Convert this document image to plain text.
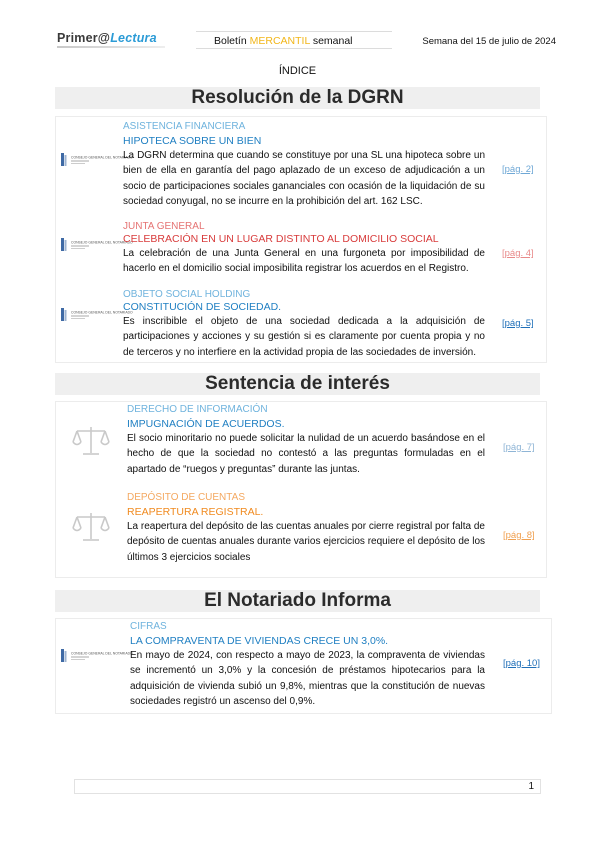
Primer@Lectura	Boletín MERCANTIL semanal	Semana del 15 de julio de 2024
ÍNDICE
Resolución de la DGRN
CONSEJO GENERAL DEL NOTARIADO
ASISTENCIA FINANCIERA
HIPOTECA SOBRE UN BIEN
La DGRN determina que cuando se constituye por una SL una hipoteca sobre un bien de ella en garantía del pago aplazado de un exceso de adjudicación a un socio de participaciones sociales gananciales con ocasión de la liquidación de su sociedad conyugal, no se incurre en la prohibición del art. 162 LSC.
[pág. 2]
CONSEJO GENERAL DEL NOTARIADO
JUNTA GENERAL
CELEBRACIÓN EN UN LUGAR DISTINTO AL DOMICILIO SOCIAL
La celebración de una Junta General en una furgoneta por imposibilidad de hacerlo en el domicilio social imposibilita registrar los acuerdos en el Registro.
[pág. 4]
CONSEJO GENERAL DEL NOTARIADO
OBJETO SOCIAL HOLDING
CONSTITUCIÓN DE SOCIEDAD.
Es inscribible el objeto de una sociedad dedicada a la adquisición de participaciones y acciones y su gestión si es claramente por cuenta propia y no de terceros y no interfiere en la actividad propia de las sociedades de inversión.
[pág. 5]
Sentencia de interés
DERECHO DE INFORMACIÓN
IMPUGNACIÓN DE ACUERDOS.
El socio minoritario no puede solicitar la nulidad de un acuerdo basándose en el hecho de que la sociedad no contestó a las preguntas formuladas en el apartado de “ruegos y preguntas” durante las juntas.
[pág. 7]
DEPÓSITO DE CUENTAS
REAPERTURA REGISTRAL.
La reapertura del depósito de las cuentas anuales por cierre registral por falta de depósito de cuentas anuales durante varios ejercicios requiere el depósito de los últimos 3 ejercicios sociales
[pág. 8]
El Notariado Informa
CONSEJO GENERAL DEL NOTARIADO
CIFRAS
LA COMPRAVENTA DE VIVIENDAS CRECE UN 3,0%.
En mayo de 2024, con respecto a mayo de 2023, la compraventa de viviendas se incrementó un 3,0% y la concesión de préstamos hipotecarios para la adquisición de vivienda subió un 9,8%, mientras que la constitución de nuevas sociedades registró un ascenso del 0,9%.
[pág. 10]
1
